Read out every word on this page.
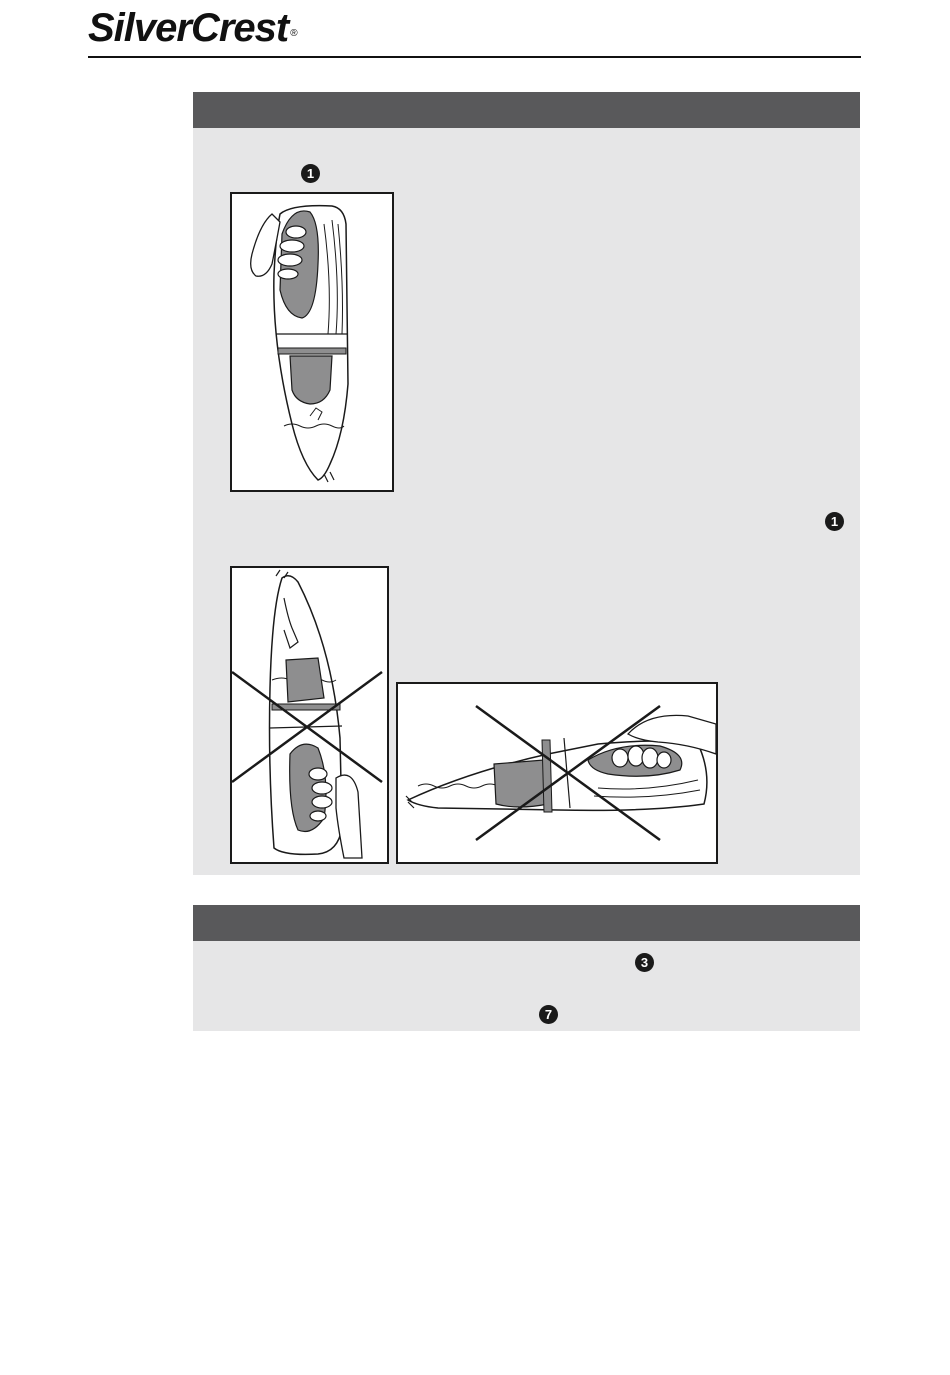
SilverCrest ®
1
1
3
7
